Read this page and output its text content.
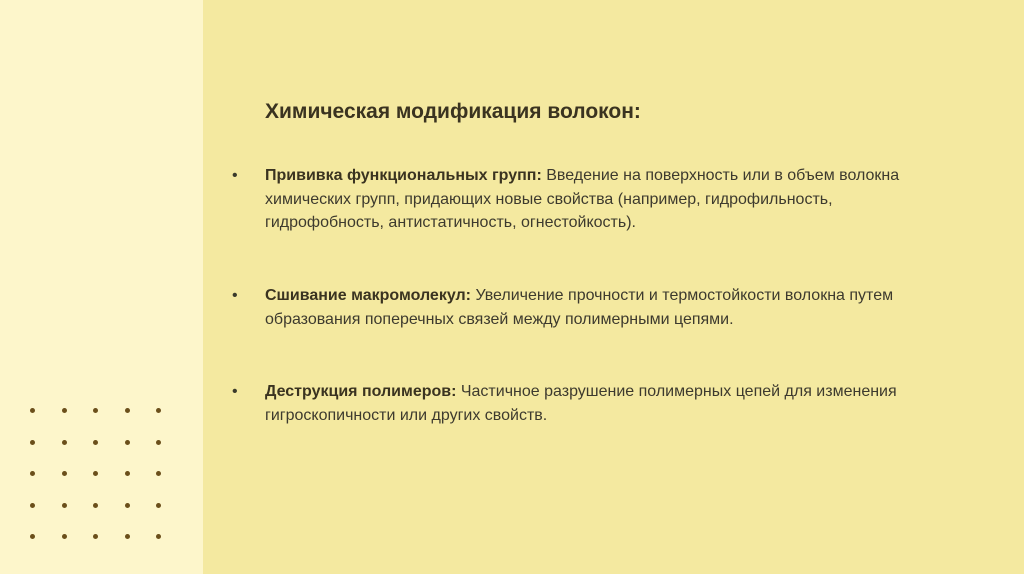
Химическая модификация волокон:
• Прививка функциональных групп: Введение на поверхность или в объем волокна химических групп, придающих новые свойства (например, гидрофильность, гидрофобность, антистатичность, огнестойкость).
• Сшивание макромолекул: Увеличение прочности и термостойкости волокна путем образования поперечных связей между полимерными цепями.
• Деструкция полимеров: Частичное разрушение полимерных цепей для изменения гигроскопичности или других свойств.
